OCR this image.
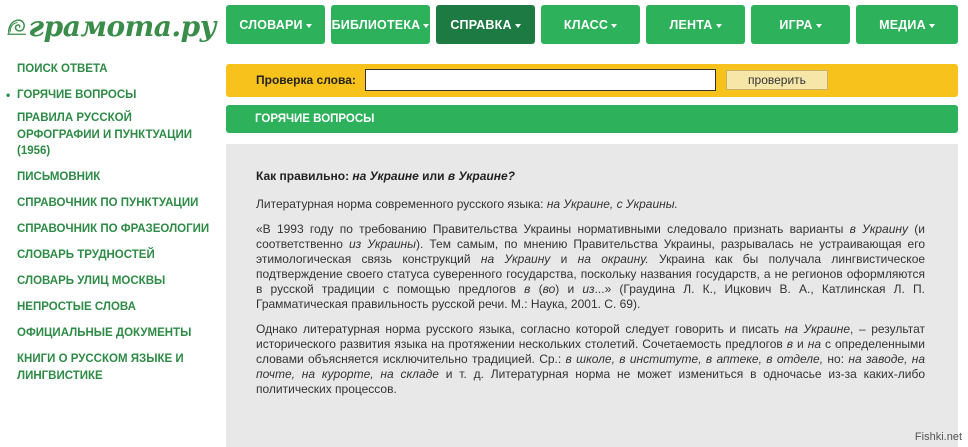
грамота.ру СЛОВАРИ БИБЛИОТЕКА СПРАВКА	КЛАСС	ЛЕНТА	ИГРА	МЕДИА
ПОИСК ОТВЕТА
• ГОРЯЧИЕ ВОПРОСЫ
ПРАВИЛА РУССКОЙ ОРФОГРАФИИ И ПУНКТУАЦИИ (1956)
ПИСЬМОВНИК
СПРАВОЧНИК ПО ПУНКТУАЦИИ
СПРАВОЧНИК ПО ФРАЗЕОЛОГИИ
СЛОВАРЬ ТРУДНОСТЕЙ
СЛОВАРЬ УЛИЦ МОСКВЫ
НЕПРОСТЫЕ СЛОВА
ОФИЦИАЛЬНЫЕ ДОКУМЕНТЫ
КНИГИ О РУССКОМ ЯЗЫКЕ И ЛИНГВИСТИКЕ
Проверка слова:	проверить
ГОРЯЧИЕ ВОПРОСЫ

Как правильно: на Украине или в Украине?

Литературная норма современного русского языка: на Украине, с Украины.

«В 1993 году по требованию Правительства Украины нормативными следовало признать варианты в Украину (и соответственно из Украины). Тем самым, по мнению Правительства Украины, разрывалась не устраивающая его этимологическая связь конструкций на Украину и на окраину. Украина как бы получала лингвистическое подтверждение своего статуса суверенного государства, поскольку названия государств, а не регионов оформляются в русской традиции с помощью предлогов в (во) и из...» (Граудина Л. К., Ицкович В. А., Катлинская Л. П. Грамматическая правильность русской речи. М.: Наука, 2001. С. 69).

Однако литературная норма русского языка, согласно которой следует говорить и писать на Украине, – результат исторического развития языка на протяжении нескольких столетий. Сочетаемость предлогов в и на с определенными словами объясняется исключительно традицией. Ср.: в школе, в институте, в аптеке, в отделе, но: на заводе, на почте, на курорте, на складе и т. д. Литературная норма не может измениться в одночасье из-за каких-либо политических процессов.

Fishki.net
